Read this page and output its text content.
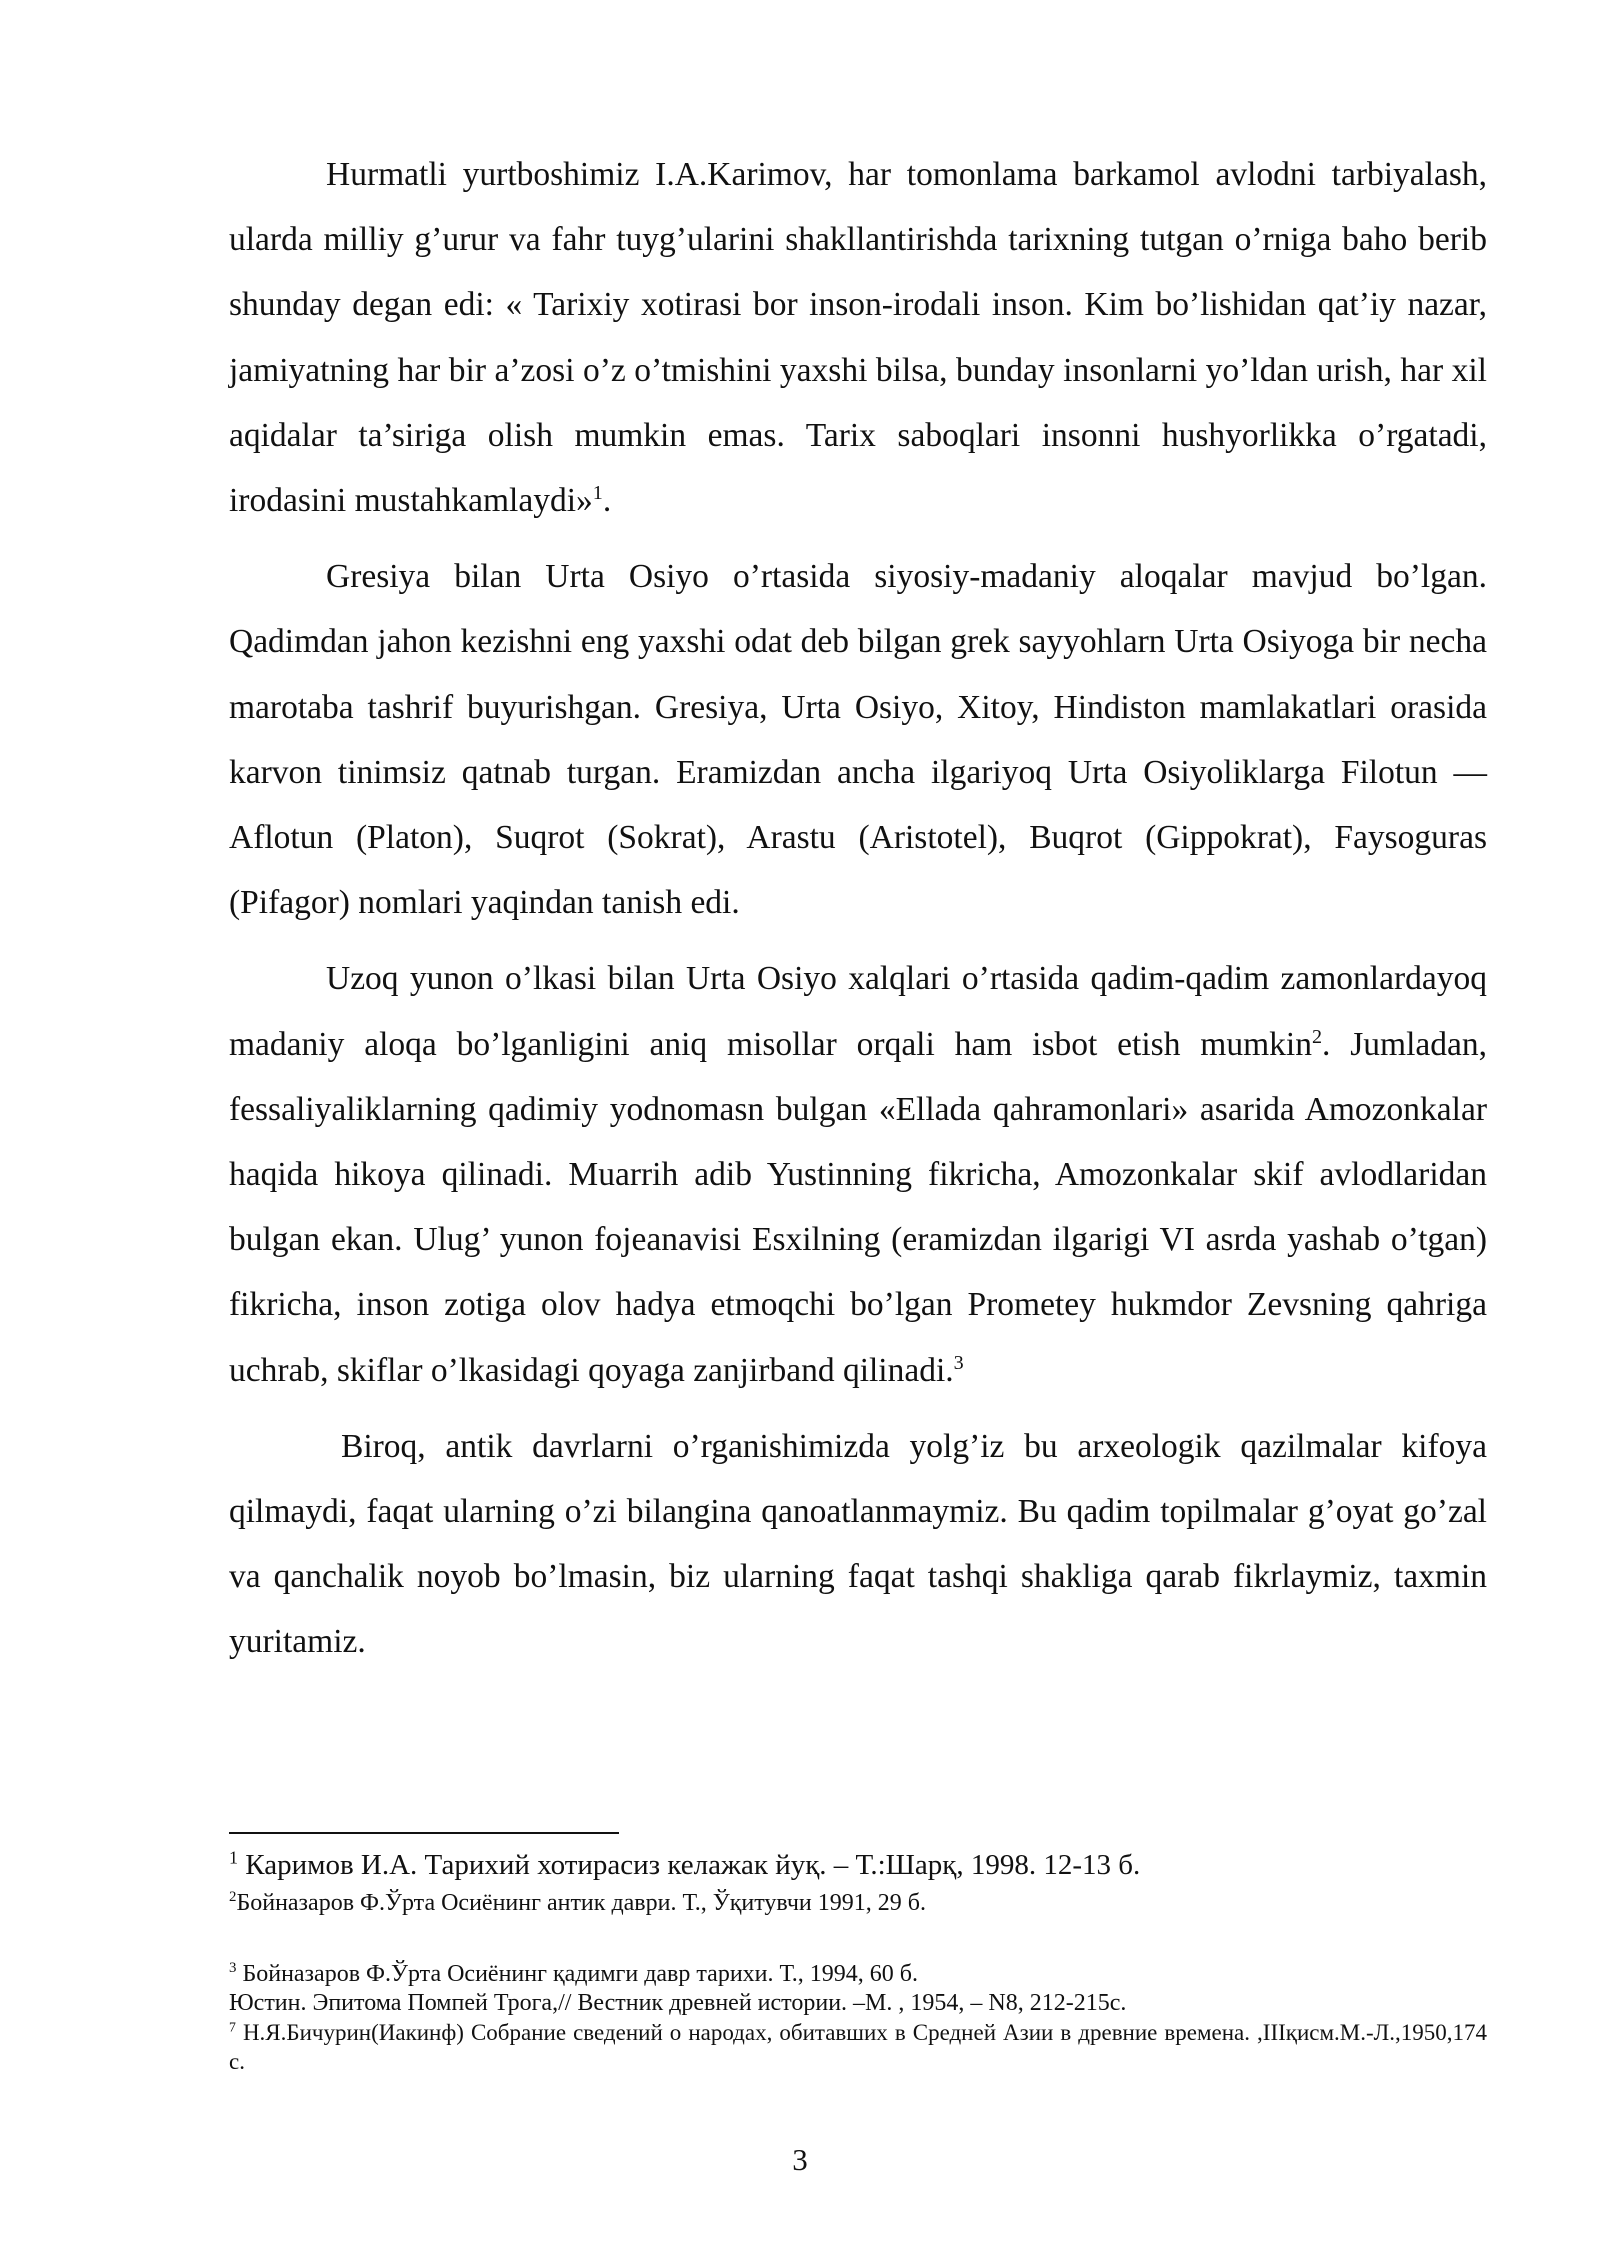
Hurmatli yurtboshimiz I.A.Karimov, har tomonlama barkamol avlodni tarbiyalash, ularda milliy g’urur va fahr tuyg’ularini shakllantirishda tarixning tutgan o’rniga baho berib shunday degan edi: « Tarixiy xotirasi bor inson-irodali inson. Kim bo’lishidan qat’iy nazar, jamiyatning har bir a’zosi o’z o’tmishini yaxshi bilsa, bunday insonlarni yo’ldan urish, har xil aqidalar ta’siriga olish mumkin emas. Tarix saboqlari insonni hushyorlikka o’rgatadi, irodasini mustahkamlaydi»$^1$.

Gresiya bilan Urta Osiyo o’rtasida siyosiy-madaniy aloqalar mavjud bo’lgan. Qadimdan jahon kezishni eng yaxshi odat deb bilgan grek sayyohlarn Urta Osiyoga bir necha marotaba tashrif buyurishgan. Gresiya, Urta Osiyo, Xitoy, Hindiston mamlakatlari orasida karvon tinimsiz qatnab turgan. Eramizdan ancha ilgariyoq Urta Osiyoliklarga Filotun — Aflotun (Platon), Suqrot (Sokrat), Arastu (Aristotel), Buqrot (Gippokrat), Faysoguras (Pifagor) nomlari yaqindan tanish edi.

Uzoq yunon o’lkasi bilan Urta Osiyo xalqlari o’rtasida qadim-qadim zamonlardayoq madaniy aloqa bo’lganligini aniq misollar orqali ham isbot etish mumkin$^2$. Jumladan, fessaliyaliklarning qadimiy yodnomasn bulgan «Ellada qahramonlari» asarida Amozonkalar haqida hikoya qilinadi. Muarrih adib Yustinning fikricha, Amozonkalar skif avlodlaridan bulgan ekan. Ulug’ yunon fojeanavisi Esxilning (eramizdan ilgarigi VI asrda yashab o’tgan) fikricha, inson zotiga olov hadya etmoqchi bo’lgan Prometey hukmdor Zevsning qahriga uchrab, skiflar o’lkasidagi qoyaga zanjirband qilinadi.$^3$

Biroq, antik davrlarni o’rganishimizda yolg’iz bu arxeologik qazilmalar kifoya qilmaydi, faqat ularning o’zi bilangina qanoatlanmaymiz. Bu qadim topilmalar g’oyat go’zal va qanchalik noyob bo’lmasin, biz ularning faqat tashqi shakliga qarab fikrlaymiz, taxmin yuritamiz.

$^1$ Каримов И.А. Тарихий хотирасиз келажак йуқ. – Т.:Шарқ, 1998. 12-13 б.

$^2$Бойназаров Ф.Ўрта Осиёнинг антик даври. Т., Ўқитувчи 1991, 29 б.

$^3$ Бойназаров Ф.Ўрта Осиёнинг қадимги давр тарихи. Т., 1994, 60 б.

Юстин. Эпитома Помпей Трога,// Вестник древней истории. –М. , 1954, – N8, 212-215с.

$^7$ Н.Я.Бичурин(Иакинф) Собрание сведений о народах, обитавших в Средней Азии в древние времена. ,ІІІқисм.М.-Л.,1950,174 с.

3
